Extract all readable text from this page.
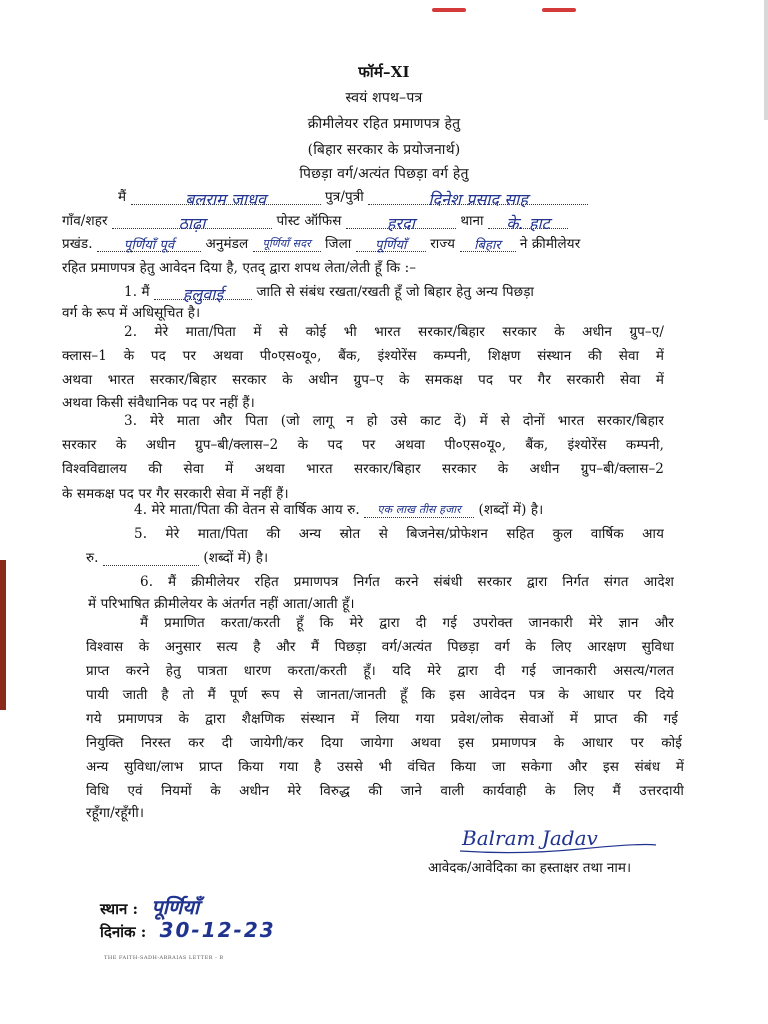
फॉर्म–XI
स्वयं शपथ–पत्र
क्रीमीलेयर रहित प्रमाणपत्र हेतु
(बिहार सरकार के प्रयोजनार्थ)
पिछड़ा वर्ग/अत्यंत पिछड़ा वर्ग हेतु
मैं	बलराम जाधव	पुत्र/पुत्री	दिनेश प्रसाद साह
गाँव/शहर	ठाढ़ा	पोस्ट ऑफिस	हरदा	थाना के. हाट
प्रखंड. पूर्णियाँ पूर्व अनुमंडल पूर्णियाँ सदर जिला पूर्णियाँ राज्य बिहार ने क्रीमीलेयर
रहित प्रमाणपत्र हेतु आवेदन दिया है, एतद् द्वारा शपथ लेता/लेती हूँ कि :–
1. मैं हलुवाई जाति से संबंध रखता/रखती हूँ जो बिहार हेतु अन्य पिछड़ा
वर्ग के रूप में अधिसूचित है।
2. मेरे माता/पिता में से कोई भी भारत सरकार/बिहार सरकार के अधीन ग्रुप–ए/
क्लास–1 के पद पर अथवा पी०एस०यू०, बैंक, इंश्योरेंस कम्पनी, शिक्षण संस्थान की सेवा में
अथवा भारत सरकार/बिहार सरकार के अधीन ग्रुप–ए के समकक्ष पद पर गैर सरकारी सेवा में
अथवा किसी संवैधानिक पद पर नहीं हैं।
3. मेरे माता और पिता (जो लागू न हो उसे काट दें) में से दोनों भारत सरकार/बिहार
सरकार के अधीन ग्रुप–बी/क्लास–2 के पद पर अथवा पी०एस०यू०, बैंक, इंश्योरेंस कम्पनी,
विश्वविद्यालय की सेवा में अथवा भारत सरकार/बिहार सरकार के अधीन ग्रुप–बी/क्लास–2
के समकक्ष पद पर गैर सरकारी सेवा में नहीं हैं।
4. मेरे माता/पिता की वेतन से वार्षिक आय रु. एक लाख तीस हजार (शब्दों में) है।
5. मेरे माता/पिता की अन्य स्रोत से बिजनेस/प्रोफेशन सहित कुल वार्षिक आय
रु.	(शब्दों में) है।
6. मैं क्रीमीलेयर रहित प्रमाणपत्र निर्गत करने संबंधी सरकार द्वारा निर्गत संगत आदेश
में परिभाषित क्रीमीलेयर के अंतर्गत नहीं आता/आती हूँ।
मैं प्रमाणित करता/करती हूँ कि मेरे द्वारा दी गई उपरोक्त जानकारी मेरे ज्ञान और
विश्वास के अनुसार सत्य है और मैं पिछड़ा वर्ग/अत्यंत पिछड़ा वर्ग के लिए आरक्षण सुविधा
प्राप्त करने हेतु पात्रता धारण करता/करती हूँ। यदि मेरे द्वारा दी गई जानकारी असत्य/गलत
पायी जाती है तो मैं पूर्ण रूप से जानता/जानती हूँ कि इस आवेदन पत्र के आधार पर दिये
गये प्रमाणपत्र के द्वारा शैक्षणिक संस्थान में लिया गया प्रवेश/लोक सेवाओं में प्राप्त की गई
नियुक्ति निरस्त कर दी जायेगी/कर दिया जायेगा अथवा इस प्रमाणपत्र के आधार पर कोई
अन्य सुविधा/लाभ प्राप्त किया गया है उससे भी वंचित किया जा सकेगा और इस संबंध में
विधि एवं नियमों के अधीन मेरे विरुद्ध की जाने वाली कार्यवाही के लिए मैं उत्तरदायी
रहूँगा/रहूँगी।
Balram Jadav
आवेदक/आवेदिका का हस्ताक्षर तथा नाम।
स्थान : पूर्णियाँ
दिनांक : 30-12-23
THE FAITH-SADH-ARRAIAS LETTER - B
